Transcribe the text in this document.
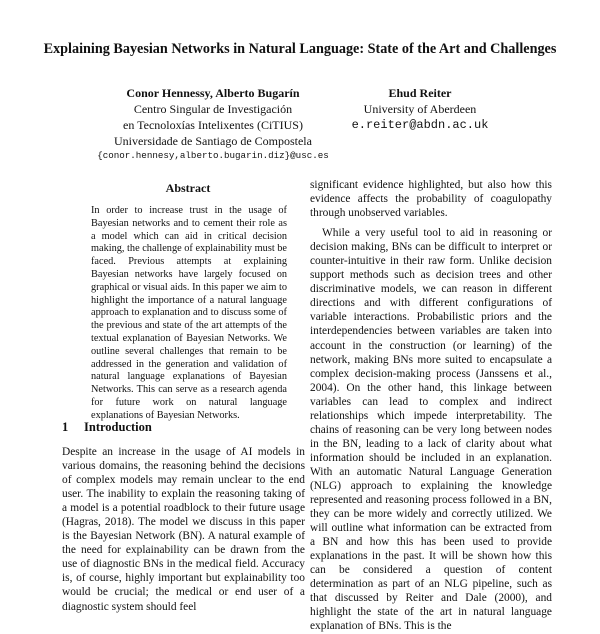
Explaining Bayesian Networks in Natural Language: State of the Art and Challenges
Conor Hennessy, Alberto Bugarín
Centro Singular de Investigación
en Tecnoloxías Intelixentes (CiTIUS)
Universidade de Santiago de Compostela
{conor.hennesy,alberto.bugarin.diz}@usc.es
Ehud Reiter
University of Aberdeen
e.reiter@abdn.ac.uk
Abstract

In order to increase trust in the usage of Bayesian networks and to cement their role as a model which can aid in critical decision making, the challenge of explainability must be faced. Previous attempts at explaining Bayesian networks have largely focused on graphical or visual aids. In this paper we aim to highlight the importance of a natural language approach to explanation and to discuss some of the previous and state of the art attempts of the textual explanation of Bayesian Networks. We outline several challenges that remain to be addressed in the generation and validation of natural language explanations of Bayesian Networks. This can serve as a research agenda for future work on natural language explanations of Bayesian Networks.

1 Introduction

Despite an increase in the usage of AI models in various domains, the reasoning behind the decisions of complex models may remain unclear to the end user. The inability to explain the reasoning taking of a model is a potential roadblock to their future usage (Hagras, 2018). The model we discuss in this paper is the Bayesian Network (BN). A natural example of the need for explainability can be drawn from the use of diagnostic BNs in the medical field. Accuracy is, of course, highly important but explainability too would be crucial; the medical or end user of a diagnostic system should feel

significant evidence highlighted, but also how this evidence affects the probability of coagulopathy through unobserved variables.

While a very useful tool to aid in reasoning or decision making, BNs can be difficult to interpret or counter-intuitive in their raw form. Unlike decision support methods such as decision trees and other discriminative models, we can reason in different directions and with different configurations of variable interactions. Probabilistic priors and the interdependencies between variables are taken into account in the construction (or learning) of the network, making BNs more suited to encapsulate a complex decision-making process (Janssens et al., 2004). On the other hand, this linkage between variables can lead to complex and indirect relationships which impede interpretability. The chains of reasoning can be very long between nodes in the BN, leading to a lack of clarity about what information should be included in an explanation. With an automatic Natural Language Generation (NLG) approach to explaining the knowledge represented and reasoning process followed in a BN, they can be more widely and correctly utilized. We will outline what information can be extracted from a BN and how this has been used to provide explanations in the past. It will be shown how this can be considered a question of content determination as part of an NLG pipeline, such as that discussed by Reiter and Dale (2000), and highlight the state of the art in natural language explanation of BNs. This is the
